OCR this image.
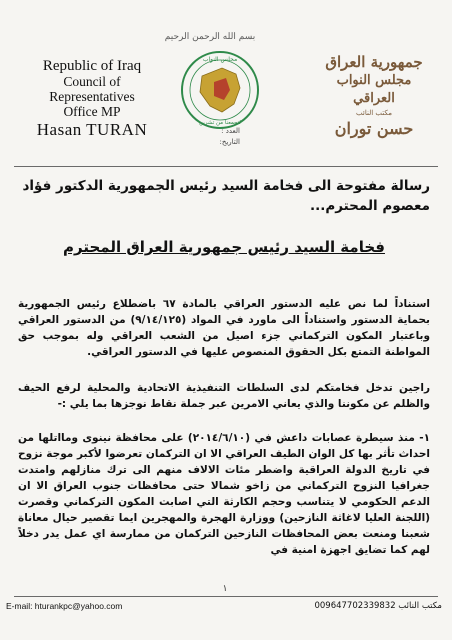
بسم الله الرحمن الرحيم
Republic of Iraq
Council of Representatives
Office MP
Hasan TURAN
جمهورية العراق
مجلس النواب العراقي
مكتب النائب
حسن توران
مجلس النواب
لتجمعنا من تشرين
العدد :
التاريخ:
رسالة مفتوحة الى فخامة السيد رئيس الجمهورية الدكتور فؤاد معصوم المحترم...
فخامة السيد رئيس جمهورية العراق المحترم
استناداً لما نص عليه الدستور العراقي بالمادة ٦٧ باضطلاع رئيس الجمهورية بحماية الدستور واستناداً الى ماورد في المواد (٩/١٤/١٢٥) من الدستور العراقي وباعتبار المكون التركماني جزء اصيل من الشعب العراقي وله بموجب حق المواطنة التمتع بكل الحقوق المنصوص عليها في الدستور العراقي.
راجين تدخل فخامتكم لدى السلطات التنفيذية الاتحادية والمحلية لرفع الحيف والظلم عن مكوننا والذي يعاني الامرين عبر جملة نقاط نوجزها بما يلي :-
١- منذ سيطرة عصابات داعش في (٢٠١٤/٦/١٠) على محافظة نينوى ومااتلها من احداث تأثر بها كل الوان الطيف العراقي الا ان التركمان تعرضوا لأكبر موجة نزوح في تاريخ الدولة العراقية واضطر مئات الالاف منهم الى ترك منازلهم وامتدت جغرافيا النزوح التركماني من زاخو شمالا حتى محافظات جنوب العراق الا ان الدعم الحكومي لا يتناسب وحجم الكارثة التي اصابت المكون التركماني وقصرت (اللجنة العليا لاغاثة النازحين) ووزارة الهجرة والمهجرين ايما تقصير حيال معاناة شعبنا ومنعت بعض المحافظات النازحين التركمان من ممارسة اي عمل يدر دخلاً لهم كما تضايق اجهزة امنية في
١
E-mail: hturankpc@yahoo.com	مكتب النائب 009647702339832
